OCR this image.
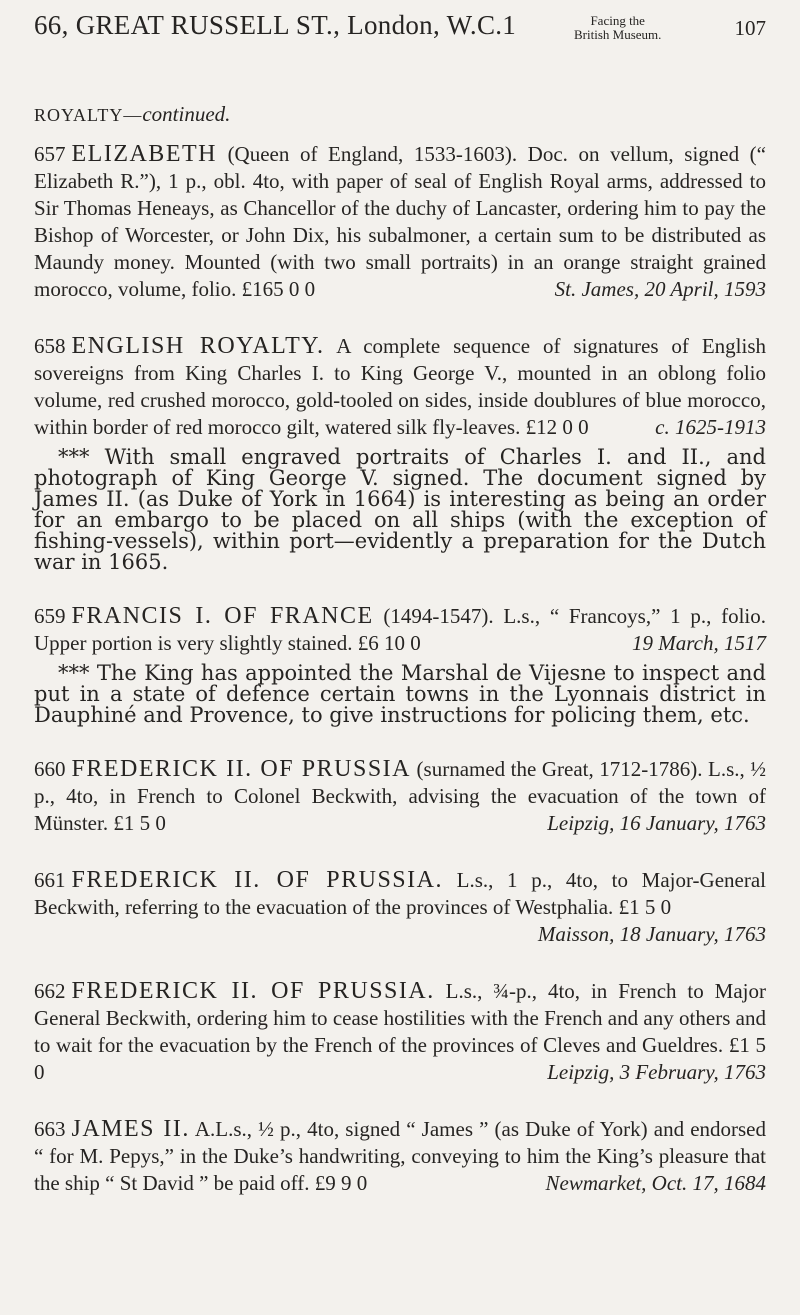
66, GREAT RUSSELL ST., London, W.C.1	Facing the
British Museum.	107
ROYALTY—continued.

657 ELIZABETH (Queen of England, 1533-1603). Doc. on vellum, signed (“ Elizabeth R.”), 1 p., obl. 4to, with paper of seal of English Royal arms, addressed to Sir Thomas Heneays, as Chancellor of the duchy of Lancaster, ordering him to pay the Bishop of Worcester, or John Dix, his subalmoner, a certain sum to be distributed as Maundy money. Mounted (with two small portraits) in an orange straight grained morocco, volume, folio. £165 0 0	St. James, 20 April, 1593

658 ENGLISH ROYALTY. A complete sequence of signatures of English sovereigns from King Charles I. to King George V., mounted in an oblong folio volume, red crushed morocco, gold-tooled on sides, inside doublures of blue morocco, within border of red morocco gilt, watered silk fly-leaves. £12 0 0	c. 1625-1913

*** With small engraved portraits of Charles I. and II., and photograph of King George V. signed. The document signed by James II. (as Duke of York in 1664) is interesting as being an order for an embargo to be placed on all ships (with the exception of fishing-vessels), within port—evidently a preparation for the Dutch war in 1665.

659 FRANCIS I. OF FRANCE (1494-1547). L.s., “ Francoys,” 1 p., folio. Upper portion is very slightly stained. £6 10 0	19 March, 1517

*** The King has appointed the Marshal de Vijesne to inspect and put in a state of defence certain towns in the Lyonnais district in Dauphiné and Provence, to give instructions for policing them, etc.

660 FREDERICK II. OF PRUSSIA (surnamed the Great, 1712-1786). L.s., ½ p., 4to, in French to Colonel Beckwith, advising the evacuation of the town of Münster. £1 5 0	Leipzig, 16 January, 1763

661 FREDERICK II. OF PRUSSIA. L.s., 1 p., 4to, to Major-General Beckwith, referring to the evacuation of the provinces of Westphalia. £1 5 0
Maisson, 18 January, 1763

662 FREDERICK II. OF PRUSSIA. L.s., ¾-p., 4to, in French to Major General Beckwith, ordering him to cease hostilities with the French and any others and to wait for the evacuation by the French of the provinces of Cleves and Gueldres. £1 5 0	Leipzig, 3 February, 1763

663 JAMES II. A.L.s., ½ p., 4to, signed “ James ” (as Duke of York) and endorsed “ for M. Pepys,” in the Duke’s handwriting, conveying to him the King’s pleasure that the ship “ St David ” be paid off. £9 9 0	Newmarket, Oct. 17, 1684
